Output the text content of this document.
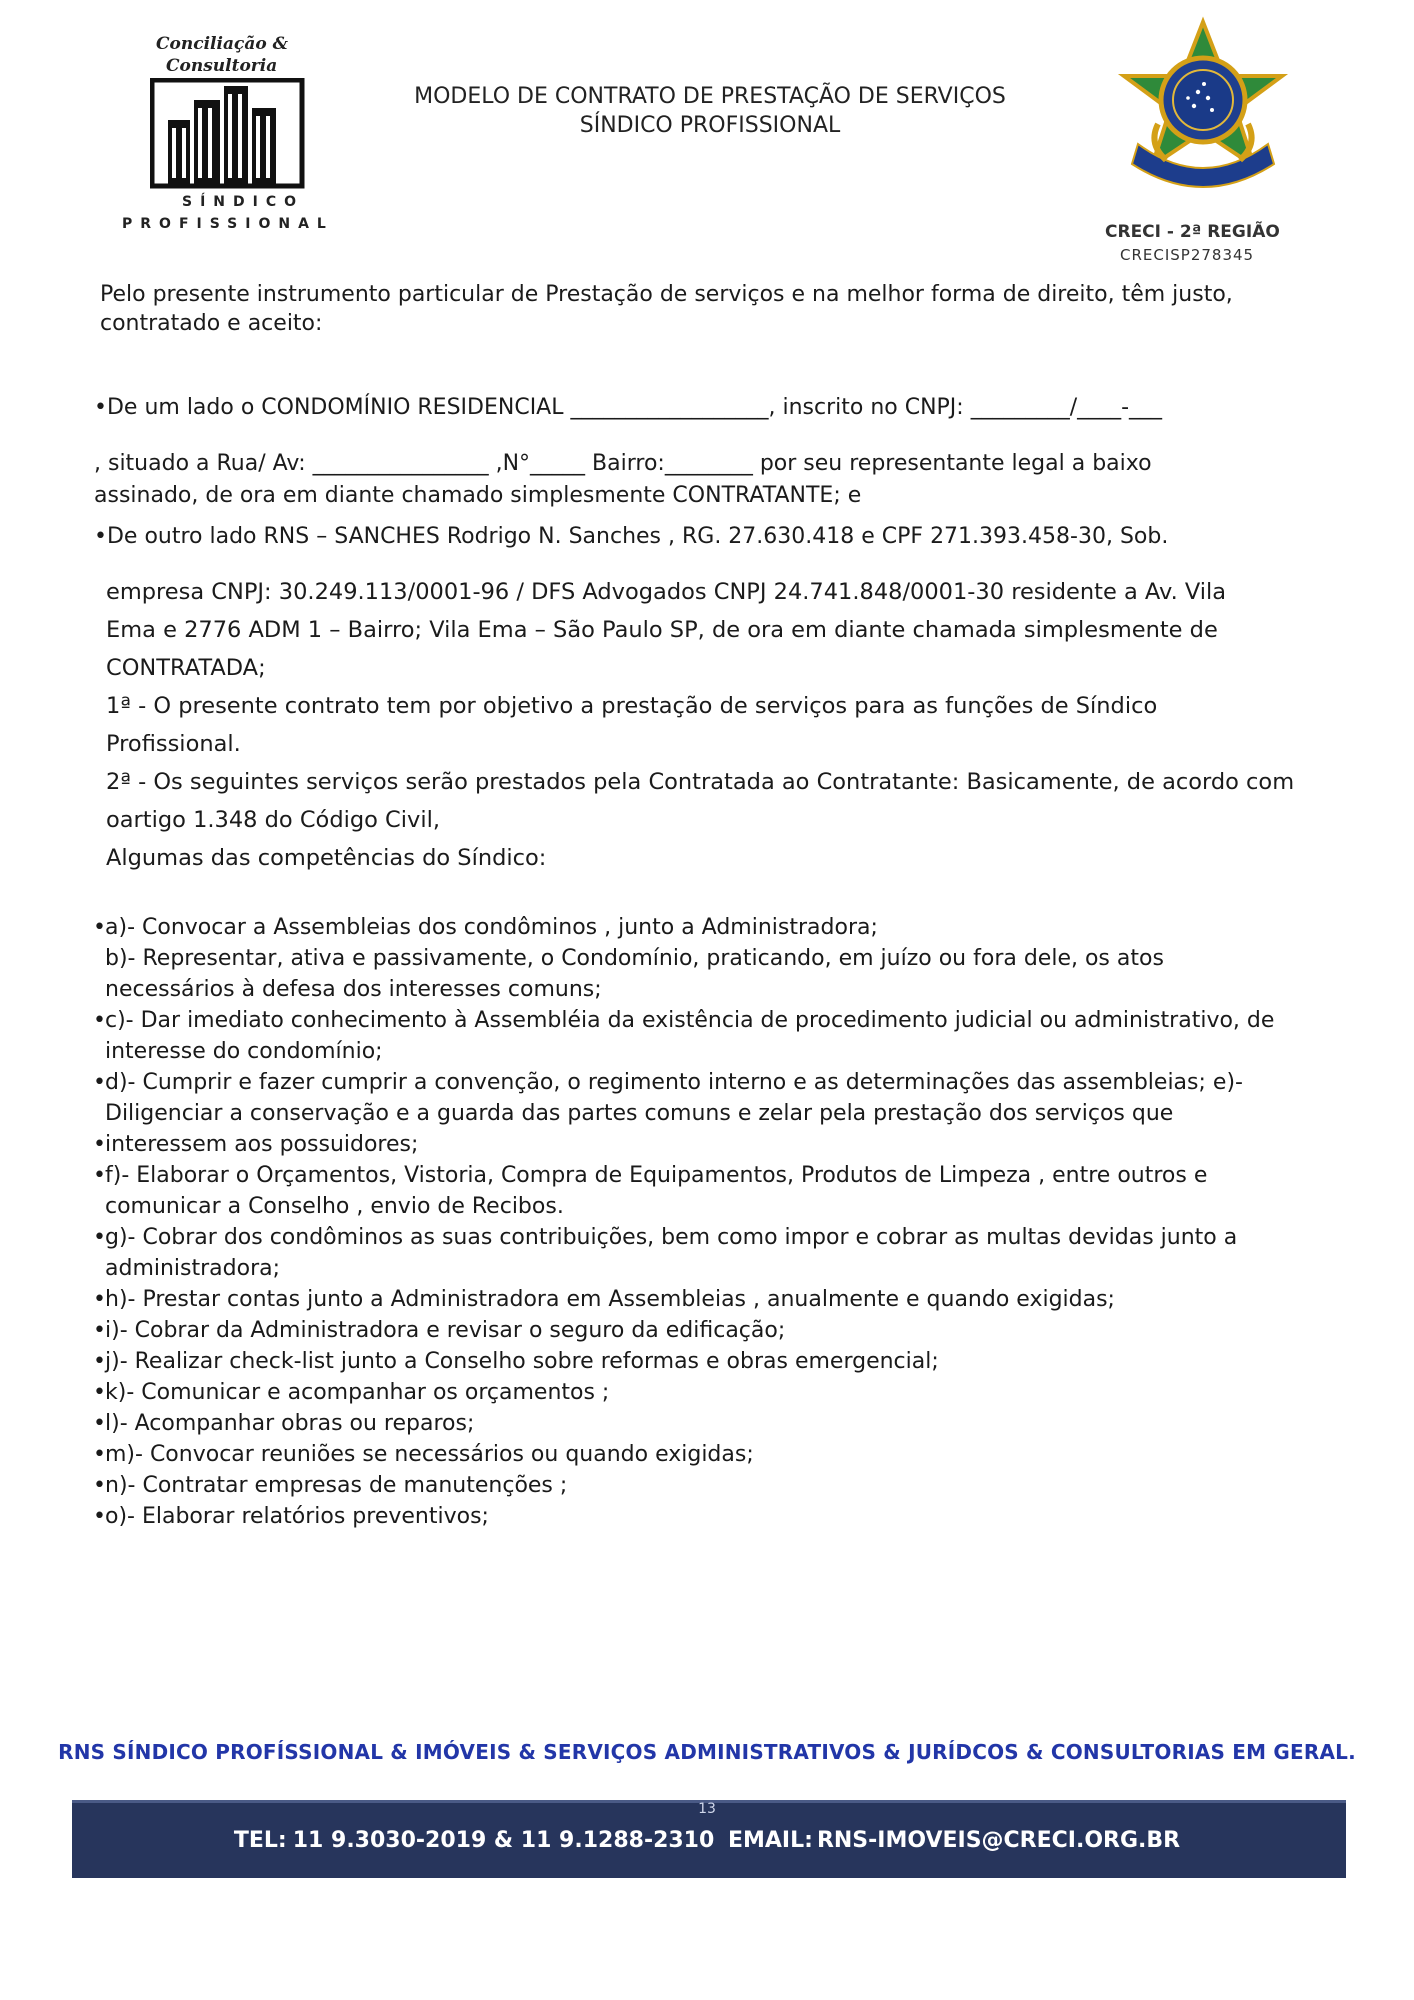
Conciliação &
Consultoria
SÍNDICO
PROFISSIONAL
MODELO DE CONTRATO DE PRESTAÇÃO DE SERVIÇOS
SÍNDICO PROFISSIONAL
CRECI - 2ª REGIÃO
CRECISP278345
Pelo presente instrumento particular de Prestação de serviços e na melhor forma de direito, têm justo,
contratado e aceito:
•De um lado o CONDOMÍNIO RESIDENCIAL __________________, inscrito no CNPJ: _________/____-___
, situado a Rua/ Av: ________________ ,N°_____ Bairro:________ por seu representante legal a baixo
assinado, de ora em diante chamado simplesmente CONTRATANTE; e
•De outro lado RNS – SANCHES Rodrigo N. Sanches , RG. 27.630.418 e CPF 271.393.458-30, Sob.
empresa CNPJ: 30.249.113/0001-96 / DFS Advogados CNPJ 24.741.848/0001-30 residente a Av. Vila
Ema e 2776 ADM 1 – Bairro; Vila Ema – São Paulo SP, de ora em diante chamada simplesmente de
CONTRATADA;
1ª - O presente contrato tem por objetivo a prestação de serviços para as funções de Síndico
Profissional.
2ª - Os seguintes serviços serão prestados pela Contratada ao Contratante: Basicamente, de acordo com
oartigo 1.348 do Código Civil,
Algumas das competências do Síndico:
• a)- Convocar a Assembleias dos condôminos , junto a Administradora;
b)- Representar, ativa e passivamente, o Condomínio, praticando, em juízo ou fora dele, os atos
necessários à defesa dos interesses comuns;
• c)- Dar imediato conhecimento à Assembléia da existência de procedimento judicial ou administrativo, de
interesse do condomínio;
• d)- Cumprir e fazer cumprir a convenção, o regimento interno e as determinações das assembleias; e)-
Diligenciar a conservação e a guarda das partes comuns e zelar pela prestação dos serviços que
• interessem aos possuidores;
• f)- Elaborar o Orçamentos, Vistoria, Compra de Equipamentos, Produtos de Limpeza , entre outros e
comunicar a Conselho , envio de Recibos.
• g)- Cobrar dos condôminos as suas contribuições, bem como impor e cobrar as multas devidas junto a
administradora;
• h)- Prestar contas junto a Administradora em Assembleias , anualmente e quando exigidas;
• i)- Cobrar da Administradora e revisar o seguro da edificação;
• j)- Realizar check-list junto a Conselho sobre reformas e obras emergencial;
• k)- Comunicar e acompanhar os orçamentos ;
• l)- Acompanhar obras ou reparos;
• m)- Convocar reuniões se necessários ou quando exigidas;
• n)- Contratar empresas de manutenções ;
• o)- Elaborar relatórios preventivos;
RNS SÍNDICO PROFÍSSIONAL & IMÓVEIS & SERVIÇOS ADMINISTRATIVOS & JURÍDCOS & CONSULTORIAS EM GERAL.
13
TEL: 11 9.3030-2019 & 11 9.1288-2310 EMAIL: RNS-IMOVEIS@CRECI.ORG.BR
